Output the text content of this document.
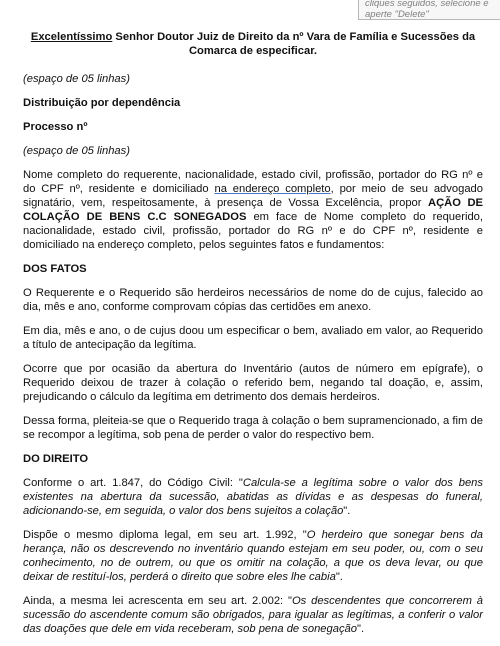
cliques seguidos, selecione e
aperte "Delete"
Excelentíssimo Senhor Doutor Juiz de Direito da nº Vara de Família e Sucessões da Comarca de especificar.

(espaço de 05 linhas)

Distribuição por dependência

Processo nº

(espaço de 05 linhas)

Nome completo do requerente, nacionalidade, estado civil, profissão, portador do RG nº e do CPF nº, residente e domiciliado na endereço completo, por meio de seu advogado signatário, vem, respeitosamente, à presença de Vossa Excelência, propor AÇÃO DE COLAÇÃO DE BENS C.C SONEGADOS em face de Nome completo do requerido, nacionalidade, estado civil, profissão, portador do RG nº e do CPF nº, residente e domiciliado na endereço completo, pelos seguintes fatos e fundamentos:

DOS FATOS

O Requerente e o Requerido são herdeiros necessários de nome do de cujus, falecido ao dia, mês e ano, conforme comprovam cópias das certidões em anexo.

Em dia, mês e ano, o de cujus doou um especificar o bem, avaliado em valor, ao Requerido a título de antecipação da legítima.

Ocorre que por ocasião da abertura do Inventário (autos de número em epígrafe), o Requerido deixou de trazer à colação o referido bem, negando tal doação, e, assim, prejudicando o cálculo da legítima em detrimento dos demais herdeiros.

Dessa forma, pleiteia-se que o Requerido traga à colação o bem supramencionado, a fim de se recompor a legítima, sob pena de perder o valor do respectivo bem.

DO DIREITO

Conforme o art. 1.847, do Código Civil: "Calcula-se a legítima sobre o valor dos bens existentes na abertura da sucessão, abatidas as dívidas e as despesas do funeral, adicionando-se, em seguida, o valor dos bens sujeitos a colação".

Dispõe o mesmo diploma legal, em seu art. 1.992, "O herdeiro que sonegar bens da herança, não os descrevendo no inventário quando estejam em seu poder, ou, com o seu conhecimento, no de outrem, ou que os omitir na colação, a que os deva levar, ou que deixar de restituí-los, perderá o direito que sobre eles lhe cabia".

Ainda, a mesma lei acrescenta em seu art. 2.002: "Os descendentes que concorrerem à sucessão do ascendente comum são obrigados, para igualar as legítimas, a conferir o valor das doações que dele em vida receberam, sob pena de sonegação".
